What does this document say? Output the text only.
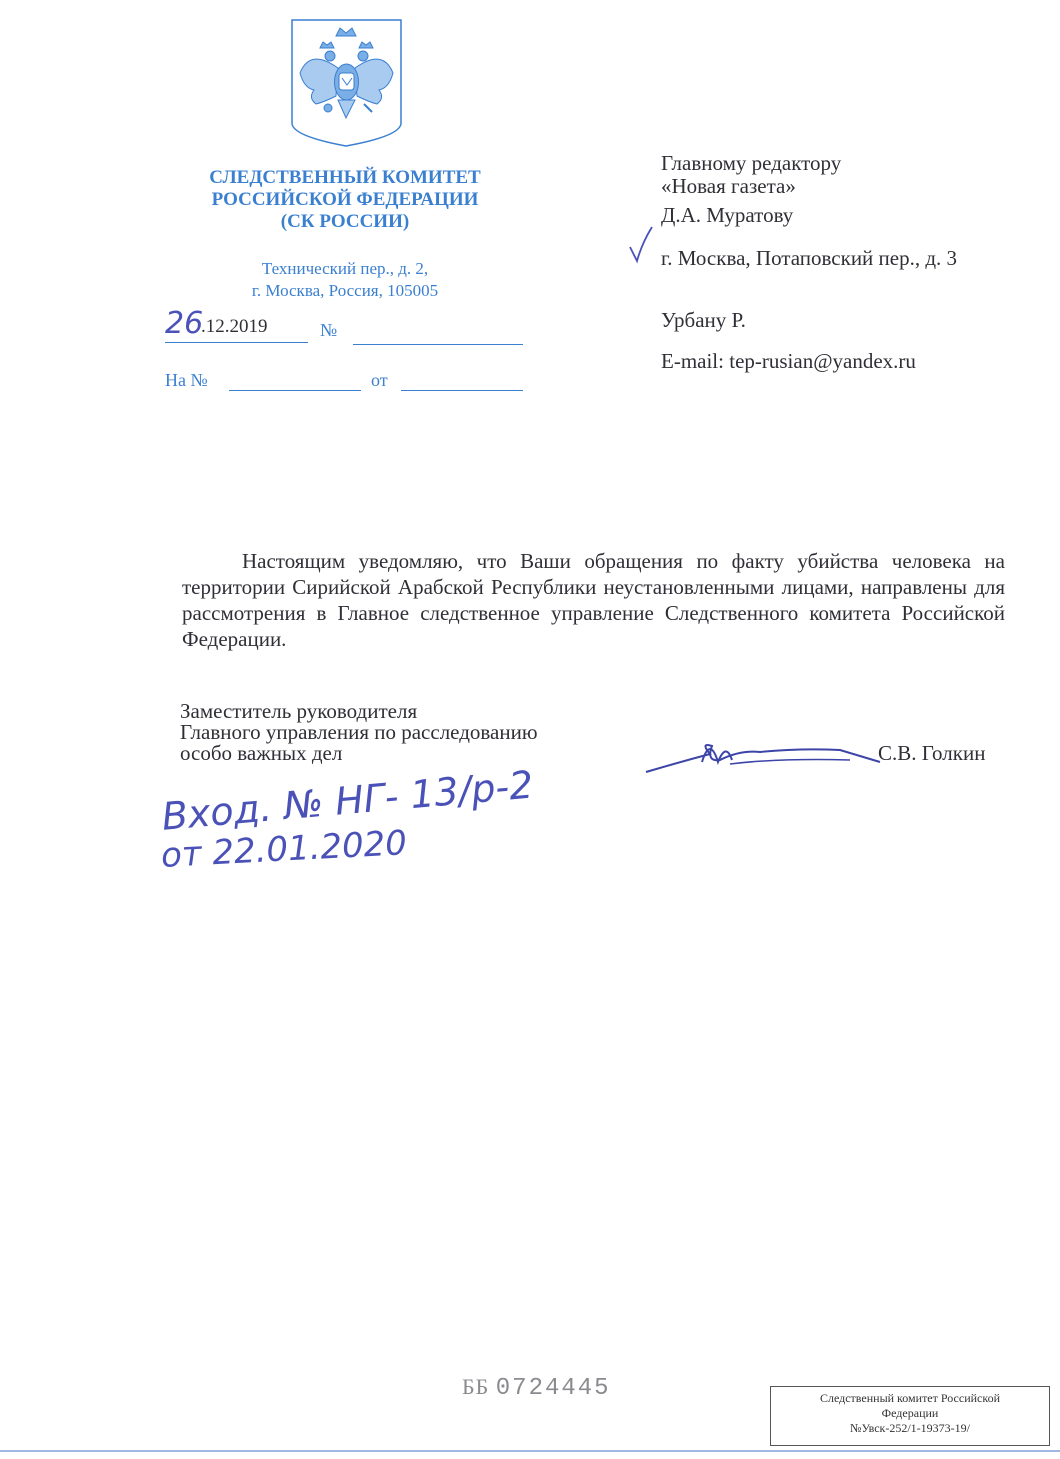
СЛЕДСТВЕННЫЙ КОМИТЕТ
РОССИЙСКОЙ ФЕДЕРАЦИИ
(СК РОССИИ)
Технический пер., д. 2,
г. Москва, Россия, 105005
26
.12.2019	№
На №	от
Главному редактору
«Новая газета»
Д.А. Муратову
г. Москва, Потаповский пер., д. 3
Урбану Р.
E-mail: tep-rusian@yandex.ru
Настоящим уведомляю, что Ваши обращения по факту убийства человека на территории Сирийской Арабской Республики неустановленными лицами, направлены для рассмотрения в Главное следственное управление Следственного комитета Российской Федерации.
Заместитель руководителя
Главного управления по расследованию
особо важных дел	С.В. Голкин
Вход. № НГ- 13/р-2
от 22.01.2020
ББ 0724445	Следственный комитет Российской
Федерации
№Увск-252/1-19373-19/
